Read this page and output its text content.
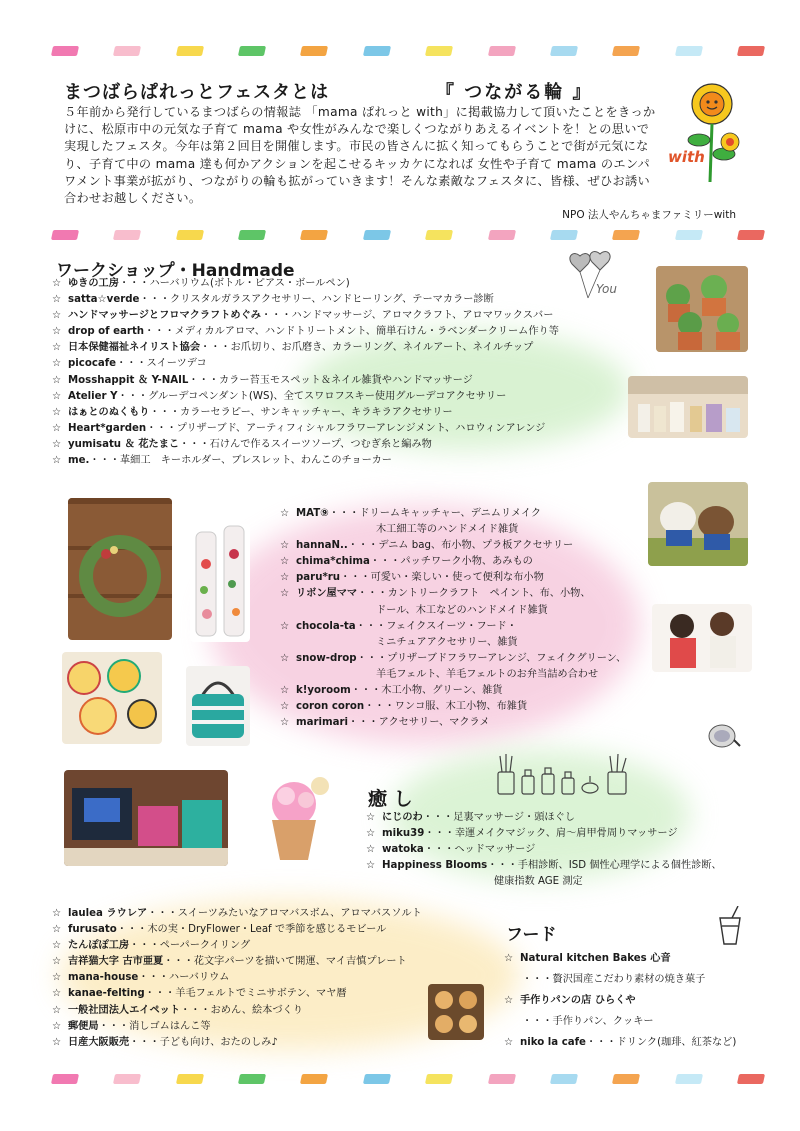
まつばらぱれっとフェスタとは	『 つながる輪 』
５年前から発行しているまつばらの情報誌 「mama ぱれっと with」に掲載協力して頂いたことをきっかけに、松原市中の元気な子育て mama や女性がみんなで楽しくつながりあえるイベントを！との思いで実現したフェスタ。今年は第２回目を開催します。市民の皆さんに拡く知ってもらうことで街が元気になり、子育て中の mama 達も何かアクションを起こせるキッカケになれば 女性や子育て mama のエンパワメント事業が拡がり、つながりの輪も拡がっていきます！そんな素敵なフェスタに、皆様、ぜひお誘い合わせお越しください。
NPO 法人やんちゃまファミリーwith
with
ワークショップ・Handmade
You
☆ ゆきの工房・・・ハーバリウム(ボトル・ピアス・ボールペン)
☆ satta☆verde・・・クリスタルガラスアクセサリー、ハンドヒーリング、テーマカラー診断
☆ ハンドマッサージとフロマクラフトめぐみ・・・ハンドマッサージ、アロマクラフト、アロマワックスバー
☆ drop of earth・・・メディカルアロマ、ハンドトリートメント、簡単石けん・ラベンダークリーム作り等
☆ 日本保健福祉ネイリスト協会・・・お爪切り、お爪磨き、カラーリング、ネイルアート、ネイルチップ
☆ picocafe・・・スイーツデコ
☆ Mosshappit ＆ Y-NAIL・・・カラー苔玉モスペット＆ネイル雑貨やハンドマッサージ
☆ Atelier Y・・・グルーデコペンダント(WS)、全てスワロフスキー使用グルーデコアクセサリー
☆ はぁとのぬくもり・・・カラーセラピー、サンキャッチャー、キラキラアクセサリー
☆ Heart*garden・・・プリザーブド、アーティフィシャルフラワーアレンジメント、ハロウィンアレンジ
☆ yumisatu ＆ 花たまこ・・・石けんで作るスイーツソープ、つむぎ糸と編み物
☆ me.・・・革細工　キーホルダー、ブレスレット、わんこのチョーカー
☆ MAT⑨・・・ドリームキャッチャー、デニムリメイク
木工細工等のハンドメイド雑貨
☆ hannaN..・・・デニム bag、布小物、プラ板アクセサリー
☆ chima*chima・・・パッチワーク小物、あみもの
☆ paru*ru・・・可愛い・楽しい・使って便利な布小物
☆ リボン屋ママ・・・カントリークラフト　ペイント、布、小物、
ドール、木工などのハンドメイド雑貨
☆ chocola-ta・・・フェイクスイーツ・フード・
ミニチュアアクセサリー、雑貨
☆ snow-drop・・・プリザーブドフラワーアレンジ、フェイクグリーン、
羊毛フェルト、羊毛フェルトのお弁当詰め合わせ
☆ k!yoroom・・・木工小物、グリーン、雑貨
☆ coron coron・・・ワンコ服、木工小物、布雑貨
☆ marimari・・・アクセサリー、マクラメ
癒 し
☆ にじのわ・・・足裏マッサージ・頭ほぐし
☆ miku39・・・幸運メイクマジック、肩〜肩甲骨周りマッサージ
☆ watoka・・・ヘッドマッサージ
☆ Happiness Blooms・・・手相診断、ISD 個性心理学による個性診断、
健康指数 AGE 測定
☆ laulea ラウレア・・・スイーツみたいなアロマバスボム、アロマバスソルト
☆ furusato・・・木の実・DryFlower・Leaf で季節を感じるモビール
☆ たんぽぽ工房・・・ペーパークイリング
☆ 吉祥猫大字 古市亜夏・・・花文字パーツを描いて開運、マイ吉慎プレート
☆ mana-house・・・ハーバリウム
☆ kanae-felting・・・羊毛フェルトでミニサボテン、マヤ暦
☆ 一般社団法人エイペット・・・おめん、絵本づくり
☆ 郵便局・・・消しゴムはんこ等
☆ 日産大阪販売・・・子ども向け、おたのしみ♪
フード
☆ Natural kitchen Bakes 心音
・・・贅沢国産こだわり素材の焼き菓子
☆ 手作りパンの店 ひらくや
・・・手作りパン、クッキー
☆ niko la cafe・・・ドリンク(珈琲、紅茶など)
